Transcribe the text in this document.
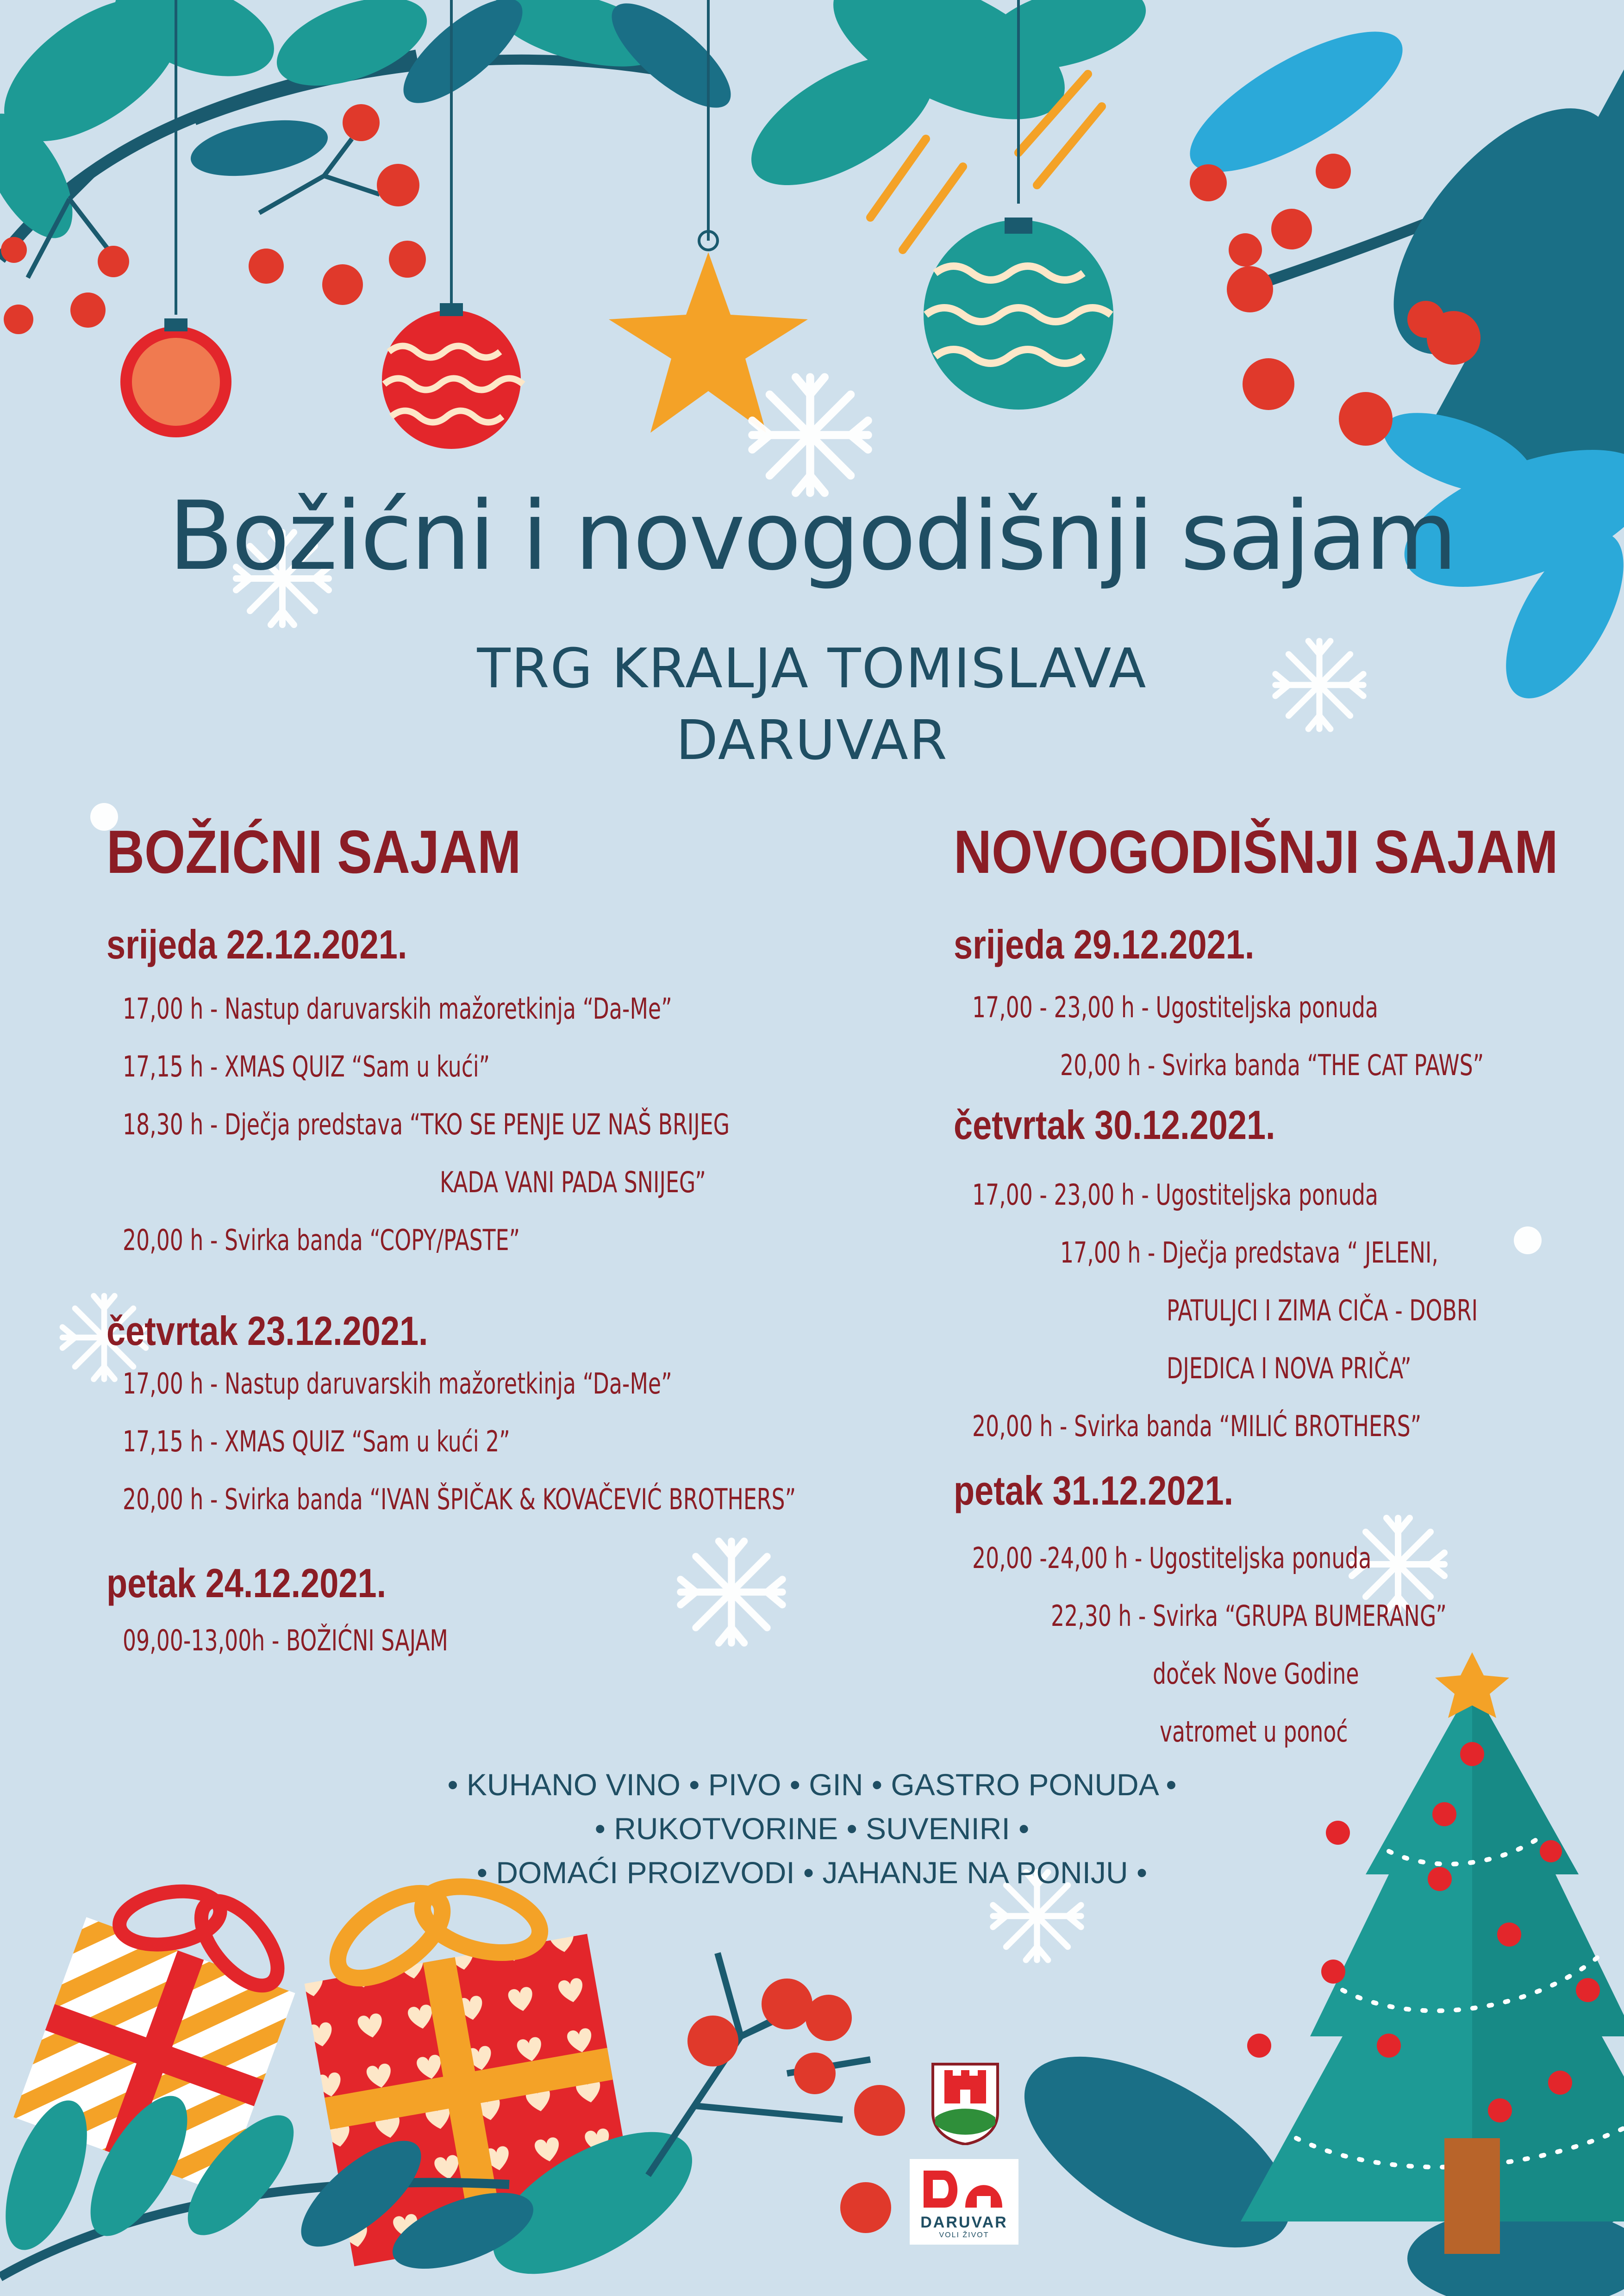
Božićni i novogodišnji sajam
TRG KRALJA TOMISLAVA
DARUVAR
BOŽIĆNI SAJAM
srijeda 22.12.2021.
17,00 h - Nastup daruvarskih mažoretkinja “Da-Me”
17,15 h - XMAS QUIZ “Sam u kući”
18,30 h - Dječja predstava “TKO SE PENJE UZ NAŠ BRIJEG
KADA VANI PADA SNIJEG”
20,00 h - Svirka banda “COPY/PASTE”
četvrtak 23.12.2021.
17,00 h - Nastup daruvarskih mažoretkinja “Da-Me”
17,15 h - XMAS QUIZ “Sam u kući 2”
20,00 h - Svirka banda “IVAN ŠPIČAK & KOVAČEVIĆ BROTHERS”
petak 24.12.2021.
09,00-13,00h - BOŽIĆNI SAJAM
NOVOGODIŠNJI SAJAM
srijeda 29.12.2021.
17,00 - 23,00 h - Ugostiteljska ponuda
20,00 h - Svirka banda “THE CAT PAWS”
četvrtak 30.12.2021.
17,00 - 23,00 h - Ugostiteljska ponuda
17,00 h - Dječja predstava “ JELENI,
PATULJCI I ZIMA CIČA - DOBRI
DJEDICA I NOVA PRIČA”
20,00 h - Svirka banda “MILIĆ BROTHERS”
petak 31.12.2021.
20,00 -24,00 h - Ugostiteljska ponuda
22,30 h - Svirka “GRUPA BUMERANG”
doček Nove Godine
vatromet u ponoć
• KUHANO VINO • PIVO • GIN • GASTRO PONUDA •
• RUKOTVORINE • SUVENIRI •
• DOMAĆI PROIZVODI • JAHANJE NA PONIJU •
DARUVAR
VOLI ŽIVOT
